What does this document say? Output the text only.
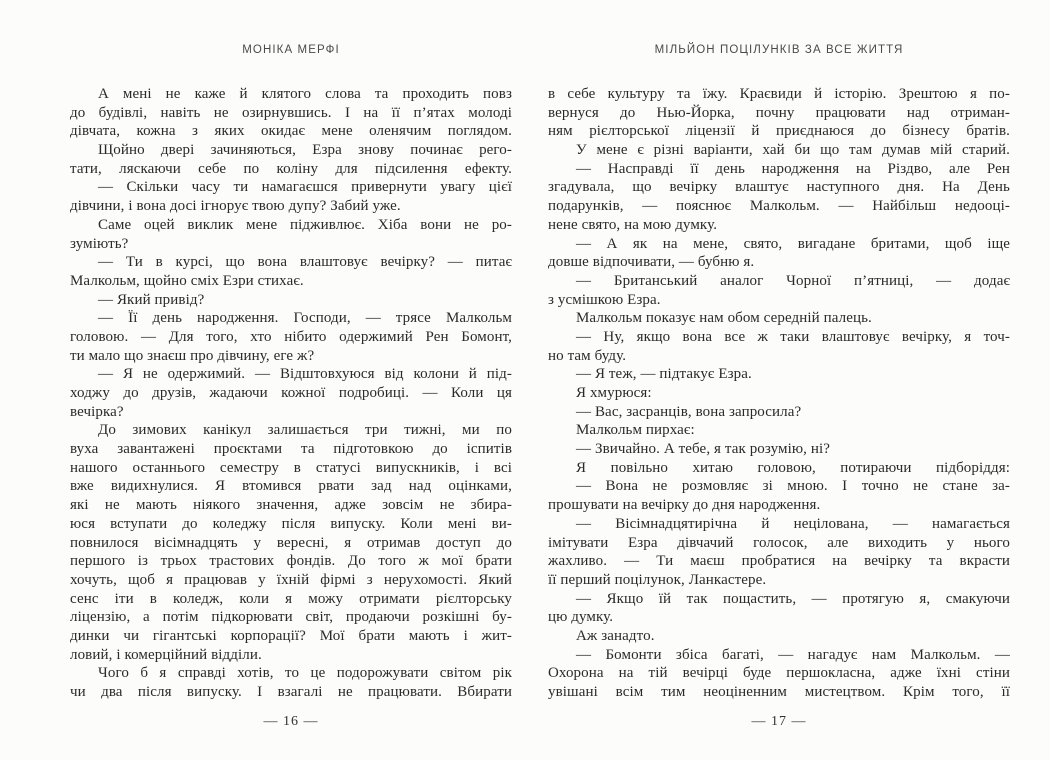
МОНІКА МЕРФІ
А мені не каже й клятого слова та проходить повз
до будівлі, навіть не озирнувшись. І на її п’ятах молоді
дівчата, кожна з яких окидає мене оленячим поглядом.
Щойно двері зачиняються, Езра знову починає рего-
тати, ляскаючи себе по коліну для підсилення ефекту.
— Скільки часу ти намагаєшся привернути увагу цієї
дівчини, і вона досі ігнорує твою дупу? Забий уже.
Саме оцей виклик мене підживлює. Хіба вони не ро-
зуміють?
— Ти в курсі, що вона влаштовує вечірку? — питає
Малкольм, щойно сміх Езри стихає.
— Який привід?
— Її день народження. Господи, — трясе Малкольм
головою. — Для того, хто нібито одержимий Рен Бомонт,
ти мало що знаєш про дівчину, еге ж?
— Я не одержимий. — Відштовхуюся від колони й під-
ходжу до друзів, жадаючи кожної подробиці. — Коли ця
вечірка?
До зимових канікул залишається три тижні, ми по
вуха завантажені проєктами та підготовкою до іспитів
нашого останнього семестру в статусі випускників, і всі
вже видихнулися. Я втомився рвати зад над оцінками,
які не мають ніякого значення, адже зовсім не збира-
юся вступати до коледжу після випуску. Коли мені ви-
повнилося вісімнадцять у вересні, я отримав доступ до
першого із трьох трастових фондів. До того ж мої брати
хочуть, щоб я працював у їхній фірмі з нерухомості. Який
сенс іти в коледж, коли я можу отримати рієлторську
ліцензію, а потім підкорювати світ, продаючи розкішні бу-
динки чи гігантські корпорації? Мої брати мають і жит-
ловий, і комерційний відділи.
Чого б я справді хотів, то це подорожувати світом рік
чи два після випуску. І взагалі не працювати. Вбирати
— 16 —
МІЛЬЙОН ПОЦІЛУНКІВ ЗА ВСЕ ЖИТТЯ
в себе культуру та їжу. Краєвиди й історію. Зрештою я по-
вернуся до Нью-Йорка, почну працювати над отриман-
ням рієлторської ліцензії й приєднаюся до бізнесу братів.
У мене є різні варіанти, хай би що там думав мій старий.
— Насправді її день народження на Різдво, але Рен
згадувала, що вечірку влаштує наступного дня. На День
подарунків, — пояснює Малкольм. — Найбільш недооці-
нене свято, на мою думку.
— А як на мене, свято, вигадане бритами, щоб іще
довше відпочивати, — бубню я.
— Британський аналог Чорної п’ятниці, — додає
з усмішкою Езра.
Малкольм показує нам обом середній палець.
— Ну, якщо вона все ж таки влаштовує вечірку, я точ-
но там буду.
— Я теж, — підтакує Езра.
Я хмурюся:
— Вас, засранців, вона запросила?
Малкольм пирхає:
— Звичайно. А тебе, я так розумію, ні?
Я повільно хитаю головою, потираючи підборіддя:
— Вона не розмовляє зі мною. І точно не стане за-
прошувати на вечірку до дня народження.
— Вісімнадцятирічна й нецілована, — намагається
імітувати Езра дівчачий голосок, але виходить у нього
жахливо. — Ти маєш пробратися на вечірку та вкрасти
її перший поцілунок, Ланкастере.
— Якщо їй так пощастить, — протягую я, смакуючи
цю думку.
Аж занадто.
— Бомонти збіса багаті, — нагадує нам Малкольм. —
Охорона на тій вечірці буде першокласна, адже їхні стіни
увішані всім тим неоціненним мистецтвом. Крім того, її
— 17 —
